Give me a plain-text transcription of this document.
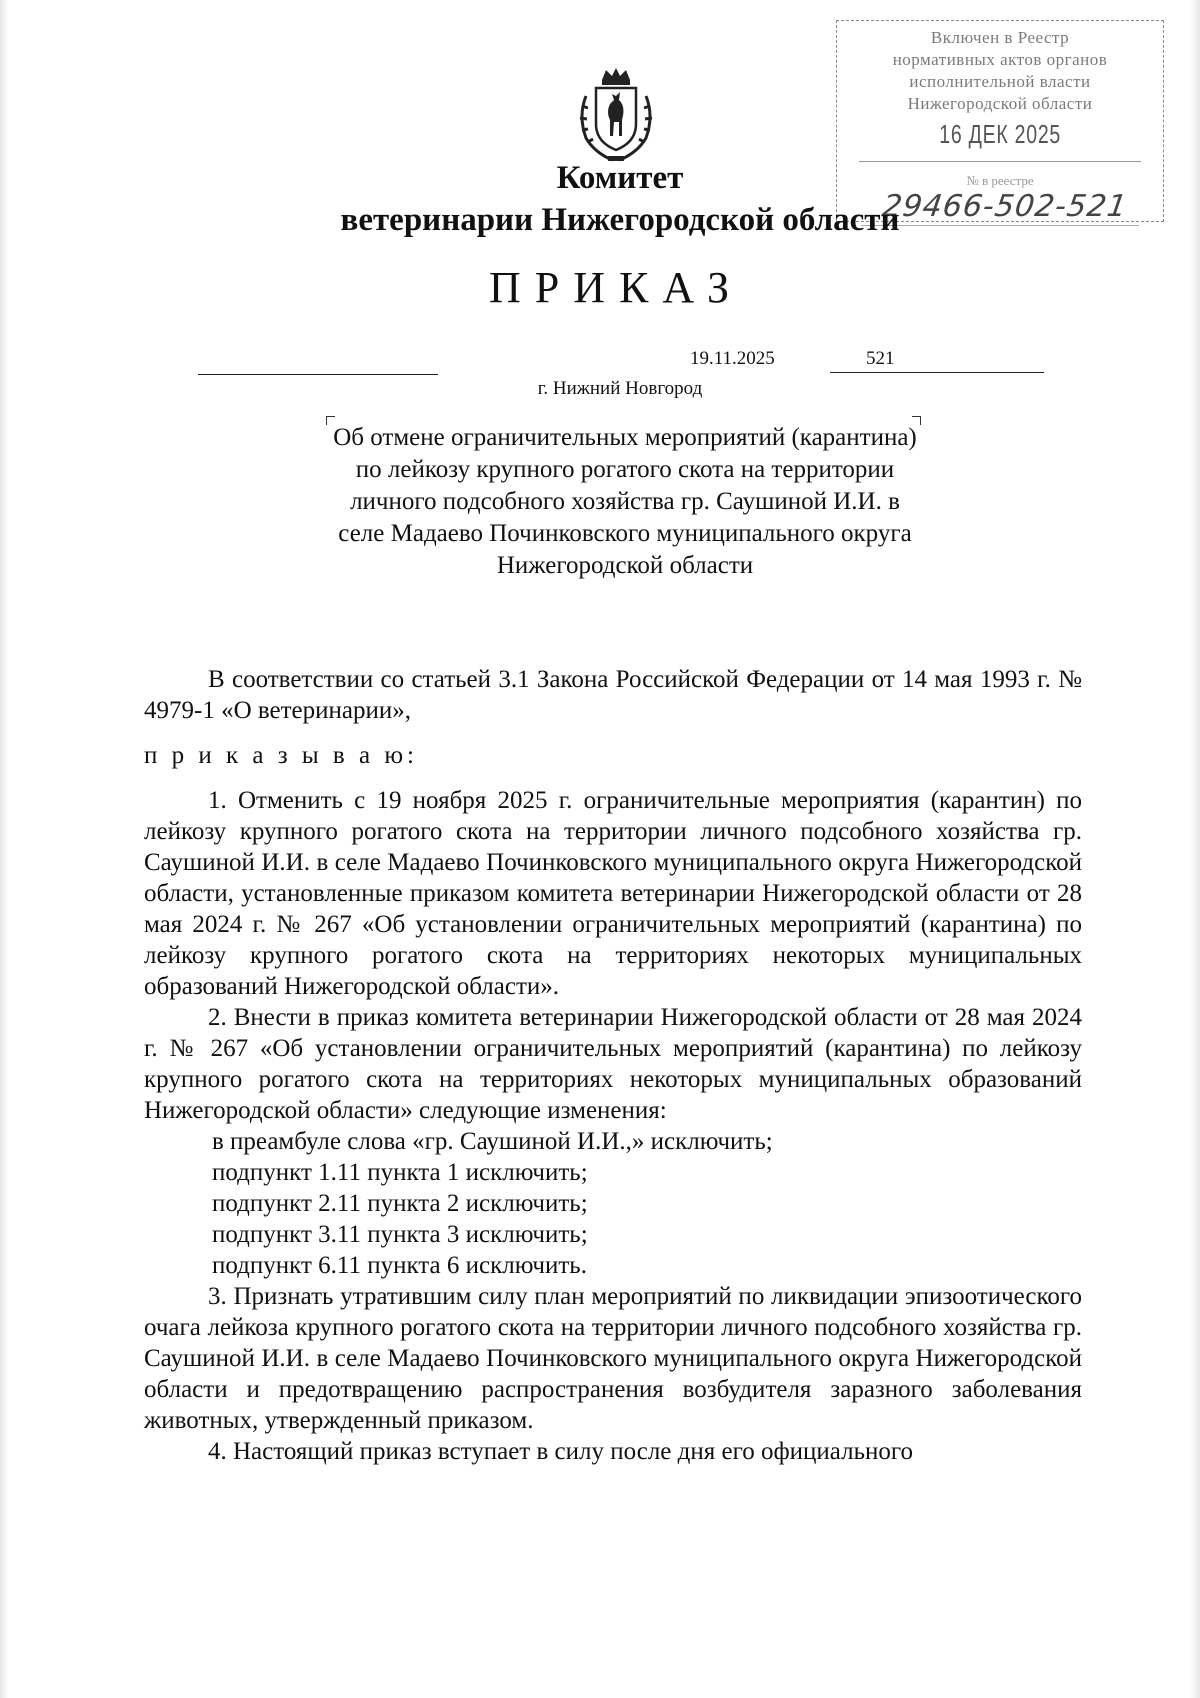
Включен в Реестр
нормативных актов органов
исполнительной власти
Нижегородской области
16 ДЕК 2025
№ в реестре
29466-502-521
Комитет
ветеринарии Нижегородской области
ПРИКАЗ
19.11.2025	521
г. Нижний Новгород
Об отмене ограничительных мероприятий (карантина) по лейкозу крупного рогатого скота на территории личного подсобного хозяйства гр. Саушиной И.И. в селе Мадаево Починковского муниципального округа Нижегородской области

В соответствии со статьей 3.1 Закона Российской Федерации от 14 мая 1993 г. № 4979-1 «О ветеринарии»,

п р и к а з ы в а ю:

1. Отменить с 19 ноября 2025 г. ограничительные мероприятия (карантин) по лейкозу крупного рогатого скота на территории личного подсобного хозяйства гр. Саушиной И.И. в селе Мадаево Починковского муниципального округа Нижегородской области, установленные приказом комитета ветеринарии Нижегородской области от 28 мая 2024 г. № 267 «Об установлении ограничительных мероприятий (карантина) по лейкозу крупного рогатого скота на территориях некоторых муниципальных образований Нижегородской области».

2. Внести в приказ комитета ветеринарии Нижегородской области от 28 мая 2024 г. № 267 «Об установлении ограничительных мероприятий (карантина) по лейкозу крупного рогатого скота на территориях некоторых муниципальных образований Нижегородской области» следующие изменения:

в преамбуле слова «гр. Саушиной И.И.,» исключить;

подпункт 1.11 пункта 1 исключить;

подпункт 2.11 пункта 2 исключить;

подпункт 3.11 пункта 3 исключить;

подпункт 6.11 пункта 6 исключить.

3. Признать утратившим силу план мероприятий по ликвидации эпизоотического очага лейкоза крупного рогатого скота на территории личного подсобного хозяйства гр. Саушиной И.И. в селе Мадаево Починковского муниципального округа Нижегородской области и предотвращению распространения возбудителя заразного заболевания животных, утвержденный приказом.

4. Настоящий приказ вступает в силу после дня его официального
